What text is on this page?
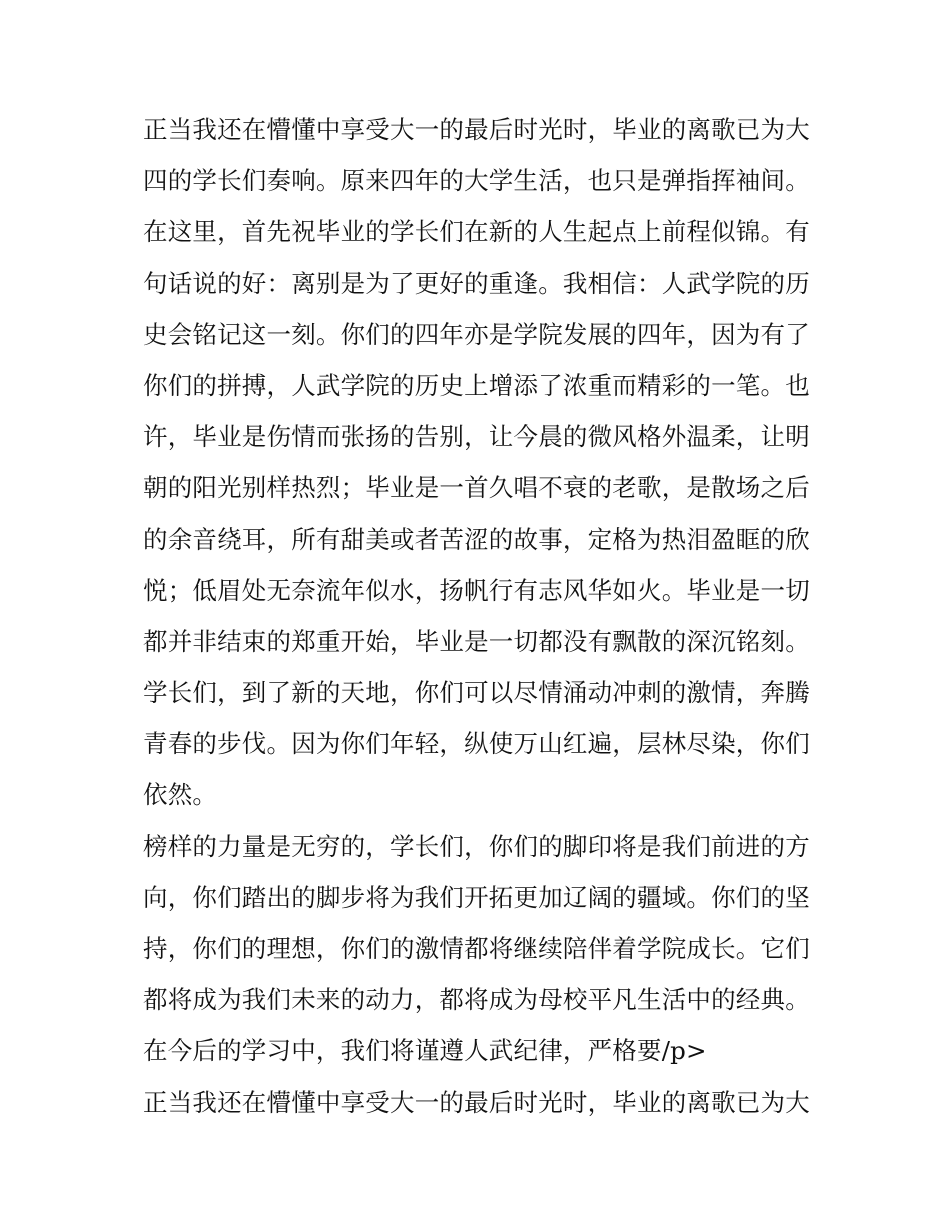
正当我还在懵懂中享受大一的最后时光时，毕业的离歌已为大
四的学长们奏响。原来四年的大学生活，也只是弹指挥袖间。
在这里，首先祝毕业的学长们在新的人生起点上前程似锦。有
句话说的好：离别是为了更好的重逢。我相信：人武学院的历
史会铭记这一刻。你们的四年亦是学院发展的四年，因为有了
你们的拼搏，人武学院的历史上增添了浓重而精彩的一笔。也
许，毕业是伤情而张扬的告别，让今晨的微风格外温柔，让明
朝的阳光别样热烈；毕业是一首久唱不衰的老歌，是散场之后
的余音绕耳，所有甜美或者苦涩的故事，定格为热泪盈眶的欣
悦；低眉处无奈流年似水，扬帆行有志风华如火。毕业是一切
都并非结束的郑重开始，毕业是一切都没有飘散的深沉铭刻。
学长们，到了新的天地，你们可以尽情涌动冲刺的激情，奔腾
青春的步伐。因为你们年轻，纵使万山红遍，层林尽染，你们
依然。
榜样的力量是无穷的，学长们，你们的脚印将是我们前进的方
向，你们踏出的脚步将为我们开拓更加辽阔的疆域。你们的坚
持，你们的理想，你们的激情都将继续陪伴着学院成长。它们
都将成为我们未来的动力，都将成为母校平凡生活中的经典。
在今后的学习中，我们将谨遵人武纪律，严格要/p>
正当我还在懵懂中享受大一的最后时光时，毕业的离歌已为大
